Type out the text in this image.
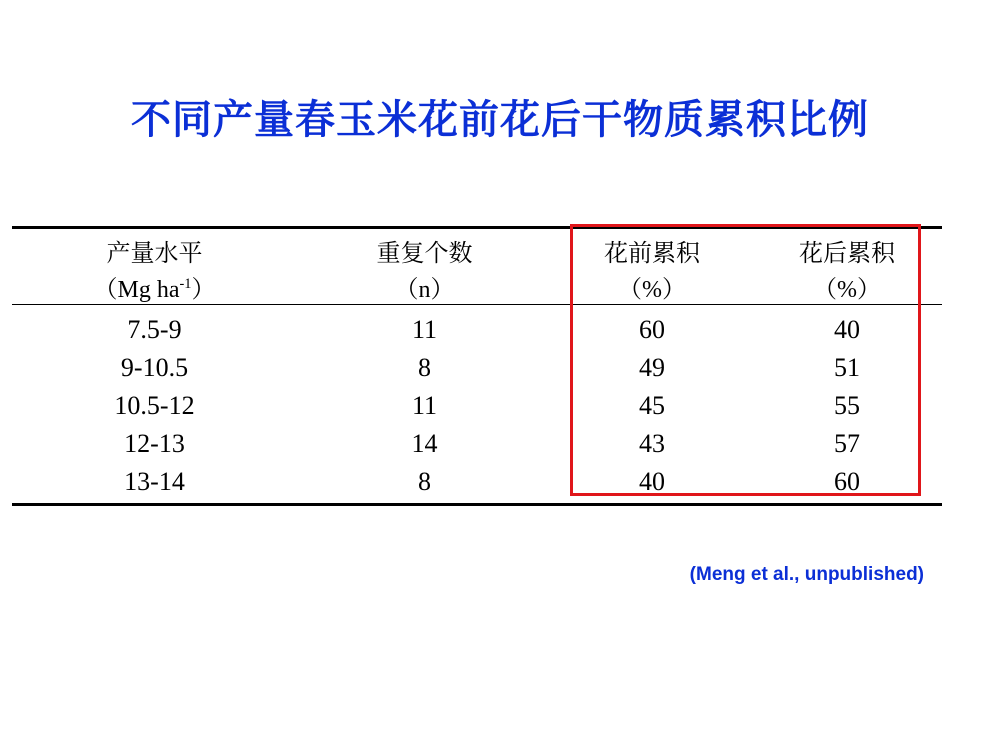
不同产量春玉米花前花后干物质累积比例
产量水平	重复个数	花前累积	花后累积
（Mg $ha^{-1}$）	（n）	（%）	（%）
7.5-9	11	60	40
9-10.5	8	49	51
10.5-12	11	45	55
12-13	14	43	57
13-14	8	40	60
(Meng et al., unpublished)
